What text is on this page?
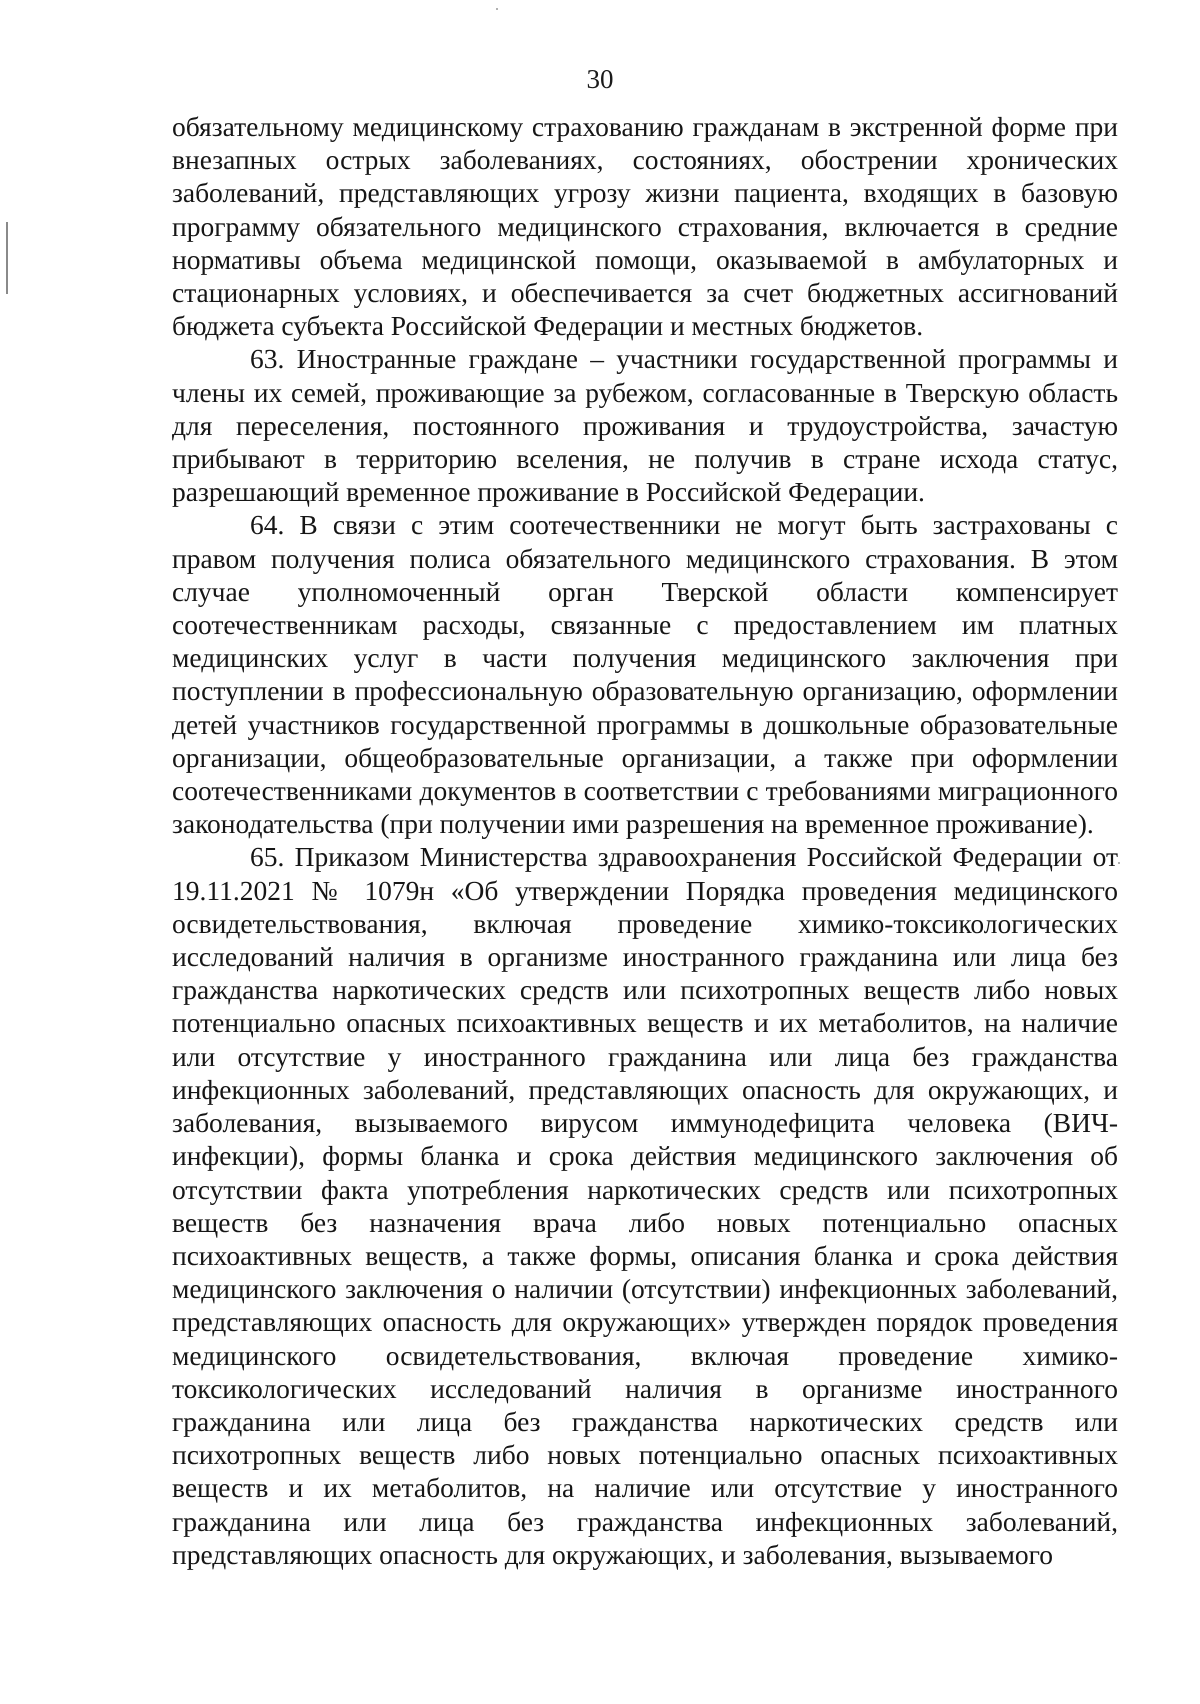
30

обязательному медицинскому страхованию гражданам в экстренной форме при внезапных острых заболеваниях, состояниях, обострении хронических заболеваний, представляющих угрозу жизни пациента, входящих в базовую программу обязательного медицинского страхования, включается в средние нормативы объема медицинской помощи, оказываемой в амбулаторных и стационарных условиях, и обеспечивается за счет бюджетных ассигнований бюджета субъекта Российской Федерации и местных бюджетов.

63. Иностранные граждане – участники государственной программы и члены их семей, проживающие за рубежом, согласованные в Тверскую область для переселения, постоянного проживания и трудоустройства, зачастую прибывают в территорию вселения, не получив в стране исхода статус, разрешающий временное проживание в Российской Федерации.

64. В связи с этим соотечественники не могут быть застрахованы с правом получения полиса обязательного медицинского страхования. В этом случае уполномоченный орган Тверской области компенсирует соотечественникам расходы, связанные с предоставлением им платных медицинских услуг в части получения медицинского заключения при поступлении в профессиональную образовательную организацию, оформлении детей участников государственной программы в дошкольные образовательные организации, общеобразовательные организации, а также при оформлении соотечественниками документов в соответствии с требованиями миграционного законодательства (при получении ими разрешения на временное проживание).

65. Приказом Министерства здравоохранения Российской Федерации от 19.11.2021 № 1079н «Об утверждении Порядка проведения медицинского освидетельствования, включая проведение химико-токсикологических исследований наличия в организме иностранного гражданина или лица без гражданства наркотических средств или психотропных веществ либо новых потенциально опасных психоактивных веществ и их метаболитов, на наличие или отсутствие у иностранного гражданина или лица без гражданства инфекционных заболеваний, представляющих опасность для окружающих, и заболевания, вызываемого вирусом иммунодефицита человека (ВИЧ-инфекции), формы бланка и срока действия медицинского заключения об отсутствии факта употребления наркотических средств или психотропных веществ без назначения врача либо новых потенциально опасных психоактивных веществ, а также формы, описания бланка и срока действия медицинского заключения о наличии (отсутствии) инфекционных заболеваний, представляющих опасность для окружающих» утвержден порядок проведения медицинского освидетельствования, включая проведение химико-токсикологических исследований наличия в организме иностранного гражданина или лица без гражданства наркотических средств или психотропных веществ либо новых потенциально опасных психоактивных веществ и их метаболитов, на наличие или отсутствие у иностранного гражданина или лица без гражданства инфекционных заболеваний, представляющих опасность для окружающих, и заболевания, вызываемого
